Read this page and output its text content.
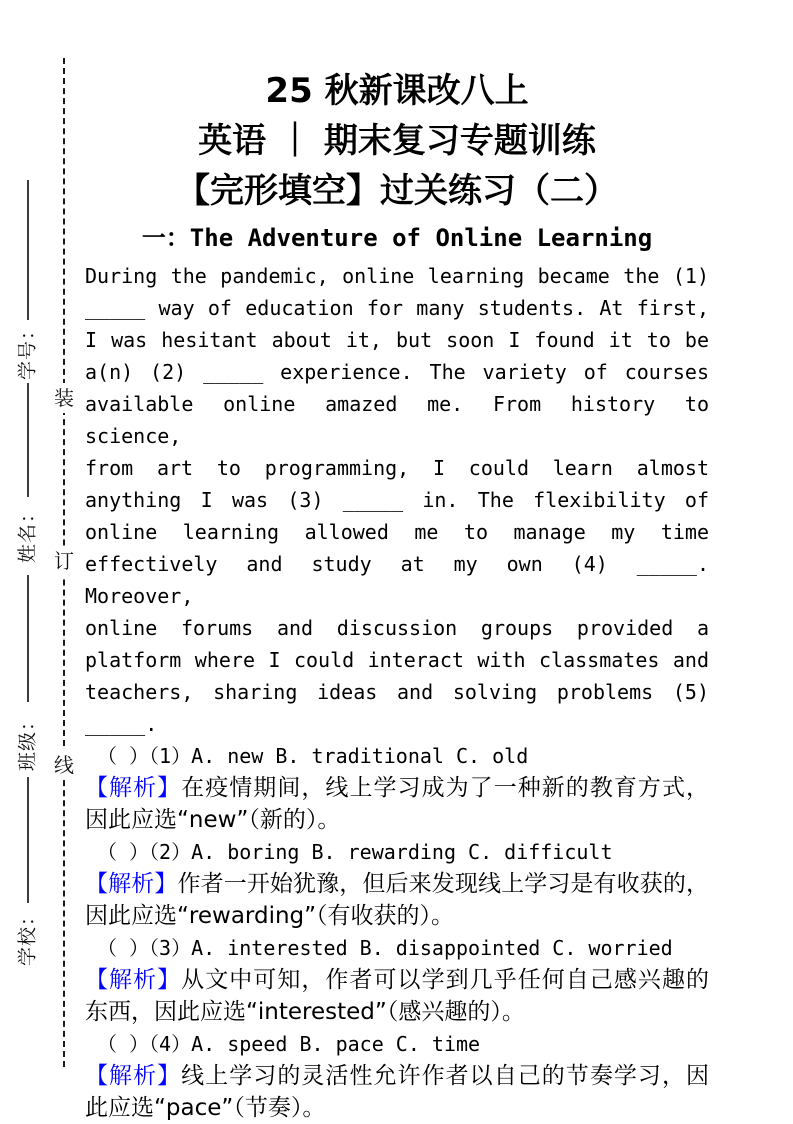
学号：
姓名：
班级：
学校：
装
订
线
25 秋新课改八上
英语 ｜ 期末复习专题训练
【完形填空】过关练习（二）
一：The Adventure of Online Learning
During the pandemic, online learning became the (1)
_____ way of education for many students. At first,
I was hesitant about it, but soon I found it to be
a(n) (2) _____ experience. The variety of courses
available online amazed me. From history to science,
from art to programming, I could learn almost
anything I was (3) _____ in. The flexibility of
online learning allowed me to manage my time
effectively and study at my own (4) _____. Moreover,
online forums and discussion groups provided a
platform where I could interact with classmates and
teachers, sharing ideas and solving problems (5)
_____.
（ ）（1）A. new B. traditional C. old
【解析】在疫情期间，线上学习成为了一种新的教育方式，
因此应选“new”（新的）。
（ ）（2）A. boring B. rewarding C. difficult
【解析】作者一开始犹豫，但后来发现线上学习是有收获的，
因此应选“rewarding”（有收获的）。
（ ）（3）A. interested B. disappointed C. worried
【解析】从文中可知，作者可以学到几乎任何自己感兴趣的
东西，因此应选“interested”（感兴趣的）。
（ ）（4）A. speed B. pace C. time
【解析】线上学习的灵活性允许作者以自己的节奏学习，因
此应选“pace”（节奏）。
